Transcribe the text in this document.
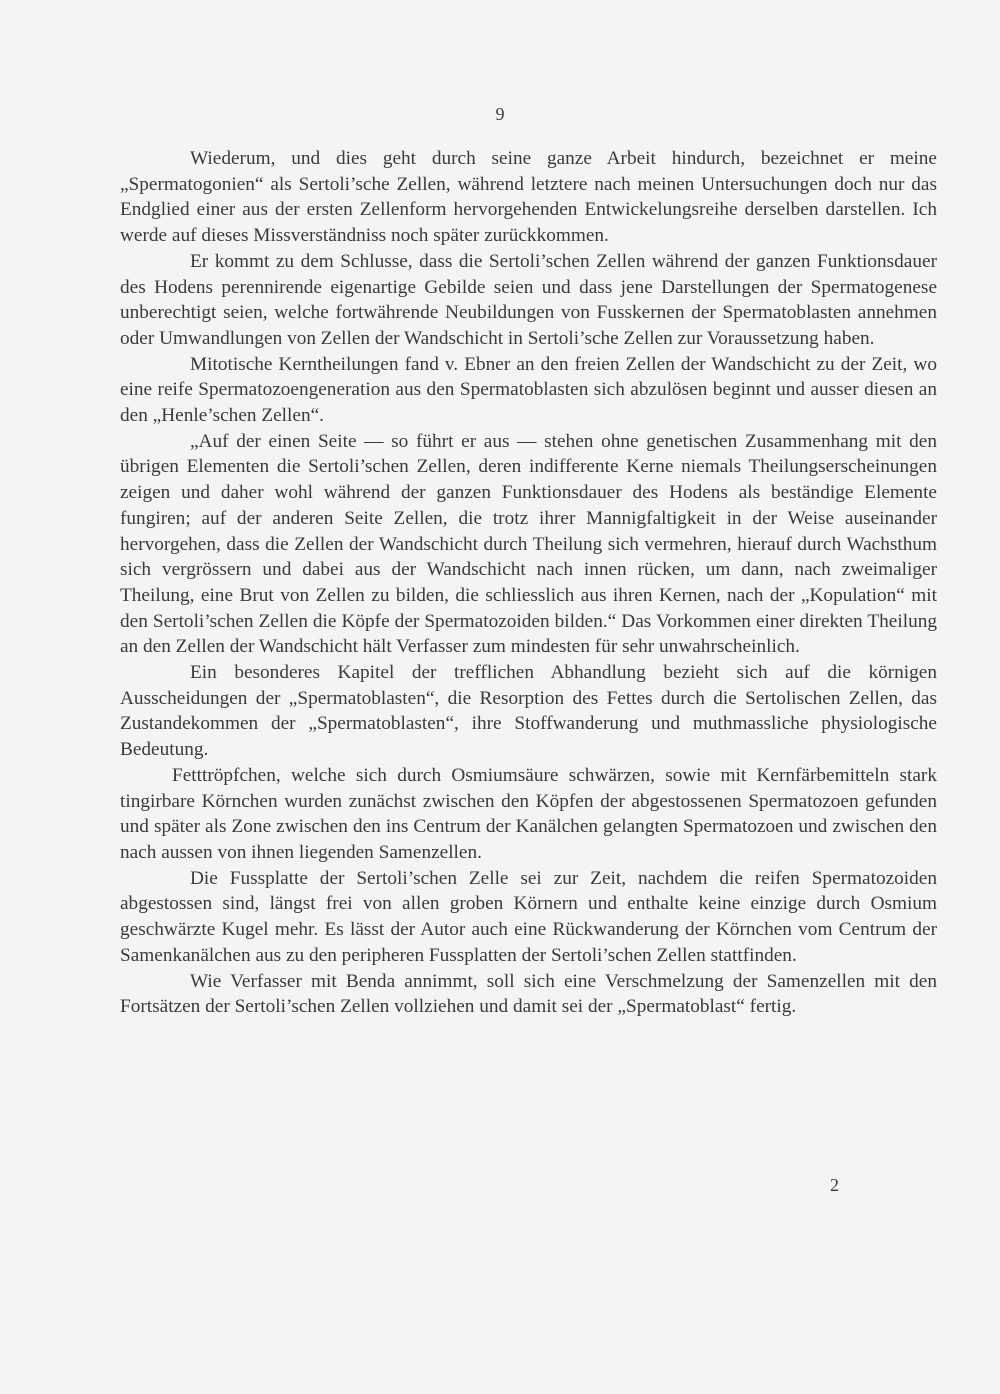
9

Wiederum, und dies geht durch seine ganze Arbeit hindurch, bezeichnet er meine „Spermatogonien“ als Sertoli’sche Zellen, während letztere nach meinen Untersuchungen doch nur das Endglied einer aus der ersten Zellenform hervorgehenden Entwickelungsreihe derselben darstellen. Ich werde auf dieses Missverständniss noch später zurückkommen.

Er kommt zu dem Schlusse, dass die Sertoli’schen Zellen während der ganzen Funktionsdauer des Hodens perennirende eigenartige Gebilde seien und dass jene Darstellungen der Spermatogenese unberechtigt seien, welche fortwährende Neubildungen von Fusskernen der Spermatoblasten annehmen oder Umwandlungen von Zellen der Wandschicht in Sertoli’sche Zellen zur Voraussetzung haben.

Mitotische Kerntheilungen fand v. Ebner an den freien Zellen der Wandschicht zu der Zeit, wo eine reife Spermatozoengeneration aus den Spermatoblasten sich abzulösen beginnt und ausser diesen an den „Henle’schen Zellen“.

„Auf der einen Seite — so führt er aus — stehen ohne genetischen Zusammenhang mit den übrigen Elementen die Sertoli’schen Zellen, deren indifferente Kerne niemals Theilungserscheinungen zeigen und daher wohl während der ganzen Funktionsdauer des Hodens als beständige Elemente fungiren; auf der anderen Seite Zellen, die trotz ihrer Mannigfaltigkeit in der Weise auseinander hervorgehen, dass die Zellen der Wandschicht durch Theilung sich vermehren, hierauf durch Wachsthum sich vergrössern und dabei aus der Wandschicht nach innen rücken, um dann, nach zweimaliger Theilung, eine Brut von Zellen zu bilden, die schliesslich aus ihren Kernen, nach der „Kopulation“ mit den Sertoli’schen Zellen die Köpfe der Spermatozoiden bilden.“ Das Vorkommen einer direkten Theilung an den Zellen der Wandschicht hält Verfasser zum mindesten für sehr unwahrscheinlich.

Ein besonderes Kapitel der trefflichen Abhandlung bezieht sich auf die körnigen Ausscheidungen der „Spermatoblasten“, die Resorption des Fettes durch die Sertolischen Zellen, das Zustandekommen der „Spermatoblasten“, ihre Stoffwanderung und muthmassliche physiologische Bedeutung.

Fetttröpfchen, welche sich durch Osmiumsäure schwärzen, sowie mit Kernfärbemitteln stark tingirbare Körnchen wurden zunächst zwischen den Köpfen der abgestossenen Spermatozoen gefunden und später als Zone zwischen den ins Centrum der Kanälchen gelangten Spermatozoen und zwischen den nach aussen von ihnen liegenden Samenzellen.

Die Fussplatte der Sertoli’schen Zelle sei zur Zeit, nachdem die reifen Spermatozoiden abgestossen sind, längst frei von allen groben Körnern und enthalte keine einzige durch Osmium geschwärzte Kugel mehr. Es lässt der Autor auch eine Rückwanderung der Körnchen vom Centrum der Samenkanälchen aus zu den peripheren Fussplatten der Sertoli’schen Zellen stattfinden.

Wie Verfasser mit Benda annimmt, soll sich eine Verschmelzung der Samenzellen mit den Fortsätzen der Sertoli’schen Zellen vollziehen und damit sei der „Spermatoblast“ fertig.

2
